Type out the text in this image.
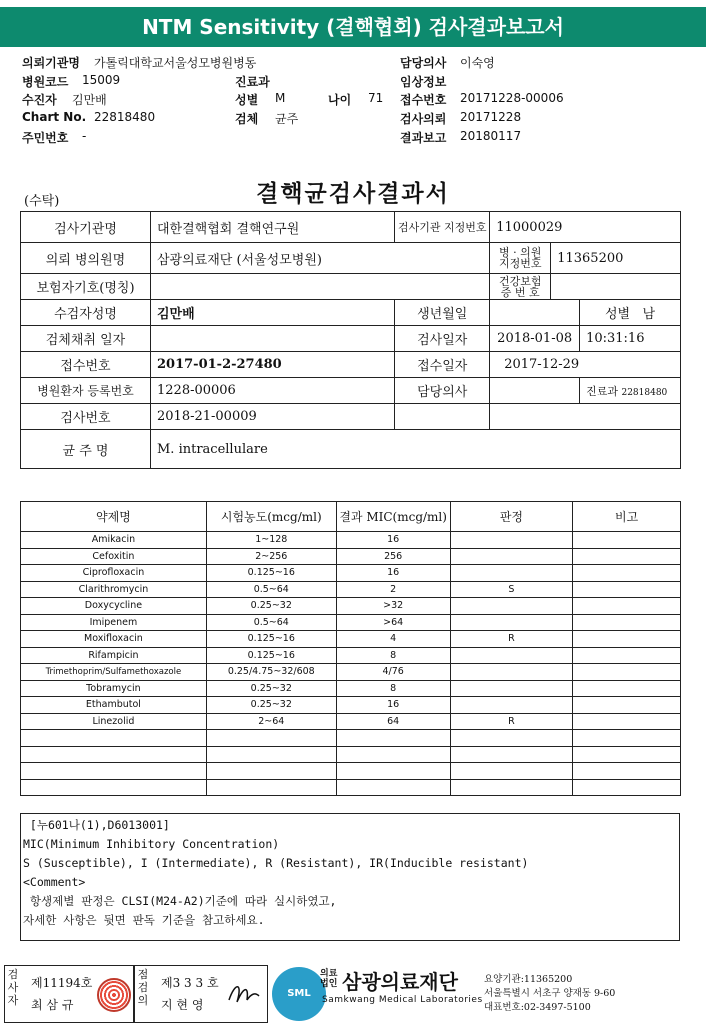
NTM Sensitivity (결핵협회) 검사결과보고서
의뢰기관명 가톨릭대학교서울성모병원병동	담당의사 이숙영
병원코드 15009	진료과	임상정보
수진자 김만배	성별 M	나이 71 접수번호 20171228-00006
Chart No. 22818480	검체 균주	검사의뢰 20171228
주민번호 -	결과보고 20180117
(수탁)	결핵균검사결과서
검사기관명	대한결핵협회 결핵연구원	검사기관 지정번호	11000029		
의뢰 병의원명	삼광의료재단 (서울성모병원)		병 · 의원 지정번호	11365200	
보험자기호(명칭)			건강보험 증 번 호		
수검자성명	김만배	생년월일			성별 남
검체채취 일자		검사일자	2018-01-08		10:31:16
접수번호	2017-01-2-27480	접수일자	2017-12-29		
병원환자 등록번호	1228-00006	담당의사			진료과 22818480
검사번호	2018-21-00009				
균 주 명	M. intracellulare				
약제명	시험농도(mcg/ml)	결과 MIC(mcg/ml)	판정	비고
Amikacin	1~128	16		
Cefoxitin	2~256	256		
Ciprofloxacin	0.125~16	16		
Clarithromycin	0.5~64	2	S	
Doxycycline	0.25~32	>32		
Imipenem	0.5~64	>64		
Moxifloxacin	0.125~16	4	R	
Rifampicin	0.125~16	8		
Trimethoprim/Sulfamethoxazole	0.25/4.75~32/608	4/76		
Tobramycin	0.25~32	8		
Ethambutol	0.25~32	16		
Linezolid	2~64	64	R	

[누601나(1),D6013001]
MIC(Minimum Inhibitory Concentration)
S (Susceptible), I (Intermediate), R (Resistant), IR(Inducible resistant)
<Comment>
항생제별 판정은 CLSI(M24-A2)기준에 따라 실시하였고,
자세한 사항은 뒷면 판독 기준을 참고하세요.
검사자
제11194호
최 삼 규
점검의
제3 3 3 호
지 현 영
SML
의료 법인 삼광의료재단
Samkwang Medical Laboratories
요양기관:11365200
서울특별시 서초구 양재동 9-60
대표번호:02-3497-5100
